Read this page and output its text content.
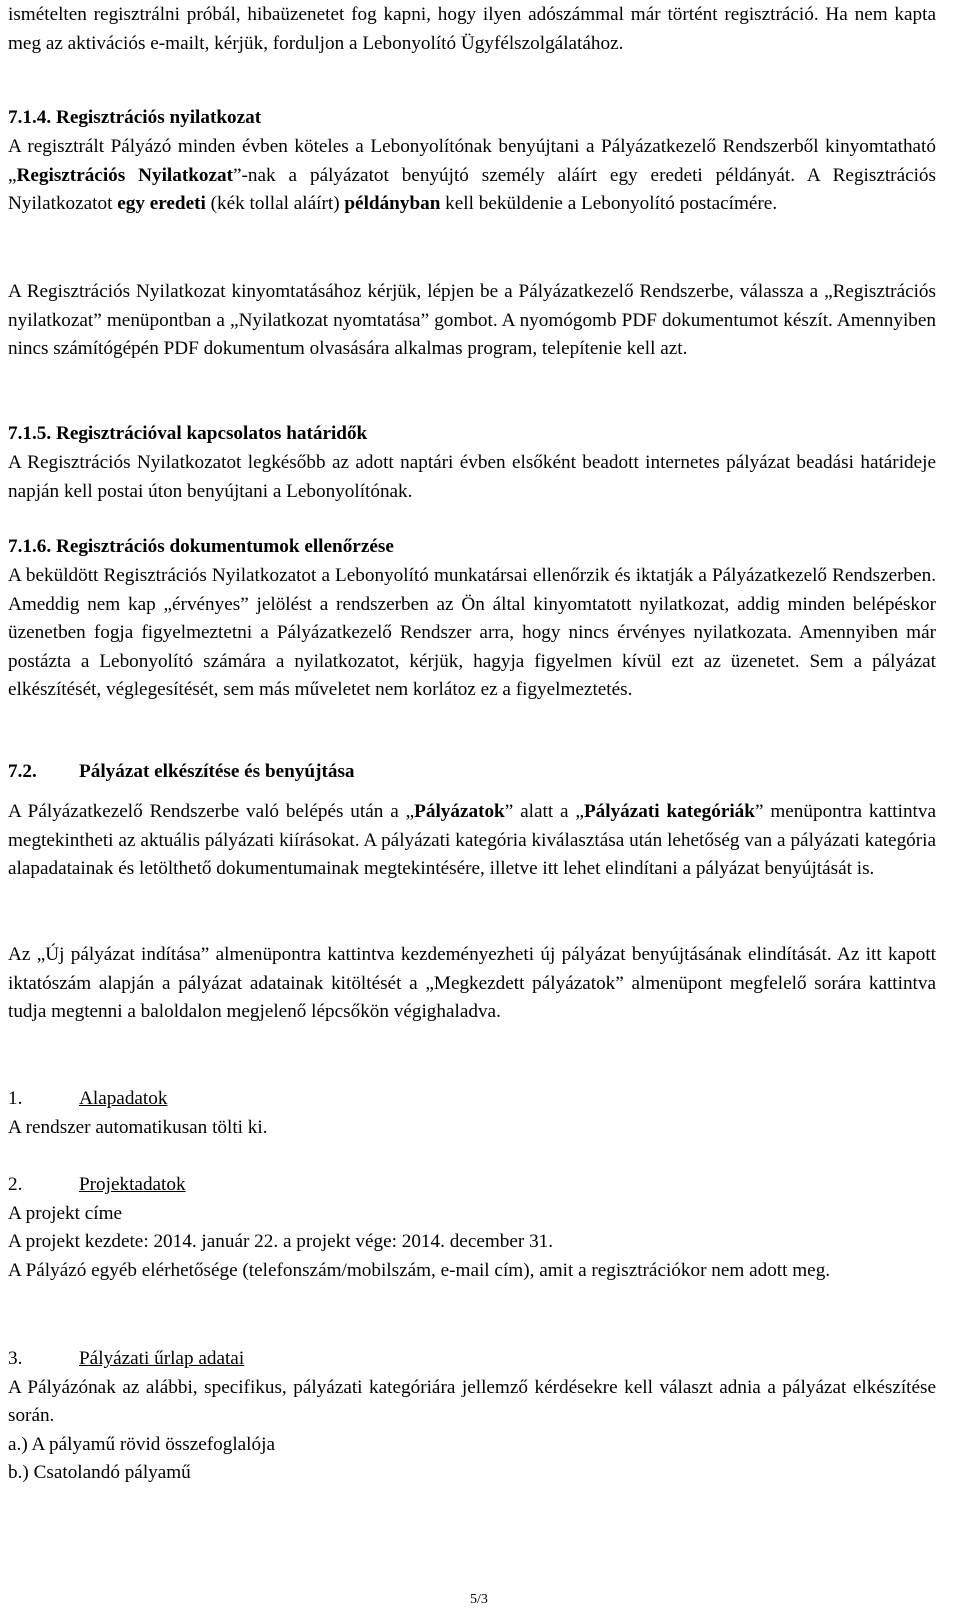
ismételten regisztrálni próbál, hibaüzenetet fog kapni, hogy ilyen adószámmal már történt regisztráció. Ha nem kapta meg az aktivációs e-mailt, kérjük, forduljon a Lebonyolító Ügyfélszolgálatához.

7.1.4. Regisztrációs nyilatkozat

A regisztrált Pályázó minden évben köteles a Lebonyolítónak benyújtani a Pályázatkezelő Rendszerből kinyomtatható „Regisztrációs Nyilatkozat”-nak a pályázatot benyújtó személy aláírt egy eredeti példányát. A Regisztrációs Nyilatkozatot egy eredeti (kék tollal aláírt) példányban kell beküldenie a Lebonyolító postacímére.

A Regisztrációs Nyilatkozat kinyomtatásához kérjük, lépjen be a Pályázatkezelő Rendszerbe, válassza a „Regisztrációs nyilatkozat” menüpontban a „Nyilatkozat nyomtatása” gombot. A nyomógomb PDF dokumentumot készít. Amennyiben nincs számítógépén PDF dokumentum olvasására alkalmas program, telepítenie kell azt.

7.1.5. Regisztrációval kapcsolatos határidők

A Regisztrációs Nyilatkozatot legkésőbb az adott naptári évben elsőként beadott internetes pályázat beadási határideje napján kell postai úton benyújtani a Lebonyolítónak.

7.1.6. Regisztrációs dokumentumok ellenőrzése

A beküldött Regisztrációs Nyilatkozatot a Lebonyolító munkatársai ellenőrzik és iktatják a Pályázatkezelő Rendszerben. Ameddig nem kap „érvényes” jelölést a rendszerben az Ön által kinyomtatott nyilatkozat, addig minden belépéskor üzenetben fogja figyelmeztetni a Pályázatkezelő Rendszer arra, hogy nincs érvényes nyilatkozata. Amennyiben már postázta a Lebonyolító számára a nyilatkozatot, kérjük, hagyja figyelmen kívül ezt az üzenetet. Sem a pályázat elkészítését, véglegesítését, sem más műveletet nem korlátoz ez a figyelmeztetés.

7.2. Pályázat elkészítése és benyújtása

A Pályázatkezelő Rendszerbe való belépés után a „Pályázatok” alatt a „Pályázati kategóriák” menüpontra kattintva megtekintheti az aktuális pályázati kiírásokat. A pályázati kategória kiválasztása után lehetőség van a pályázati kategória alapadatainak és letölthető dokumentumainak megtekintésére, illetve itt lehet elindítani a pályázat benyújtását is.

Az „Új pályázat indítása” almenüpontra kattintva kezdeményezheti új pályázat benyújtásának elindítását. Az itt kapott iktatószám alapján a pályázat adatainak kitöltését a „Megkezdett pályázatok” almenüpont megfelelő sorára kattintva tudja megtenni a baloldalon megjelenő lépcsőkön végighaladva.

1.	Alapadatok
A rendszer automatikusan tölti ki.
2.	Projektadatok
A projekt címe
A projekt kezdete: 2014. január 22. a projekt vége: 2014. december 31.

A Pályázó egyéb elérhetősége (telefonszám/mobilszám, e-mail cím), amit a regisztrációkor nem adott meg.

3.	Pályázati űrlap adatai

A Pályázónak az alábbi, specifikus, pályázati kategóriára jellemző kérdésekre kell választ adnia a pályázat elkészítése során.

a.) A pályamű rövid összefoglalója
b.) Csatolandó pályamű
5/3
